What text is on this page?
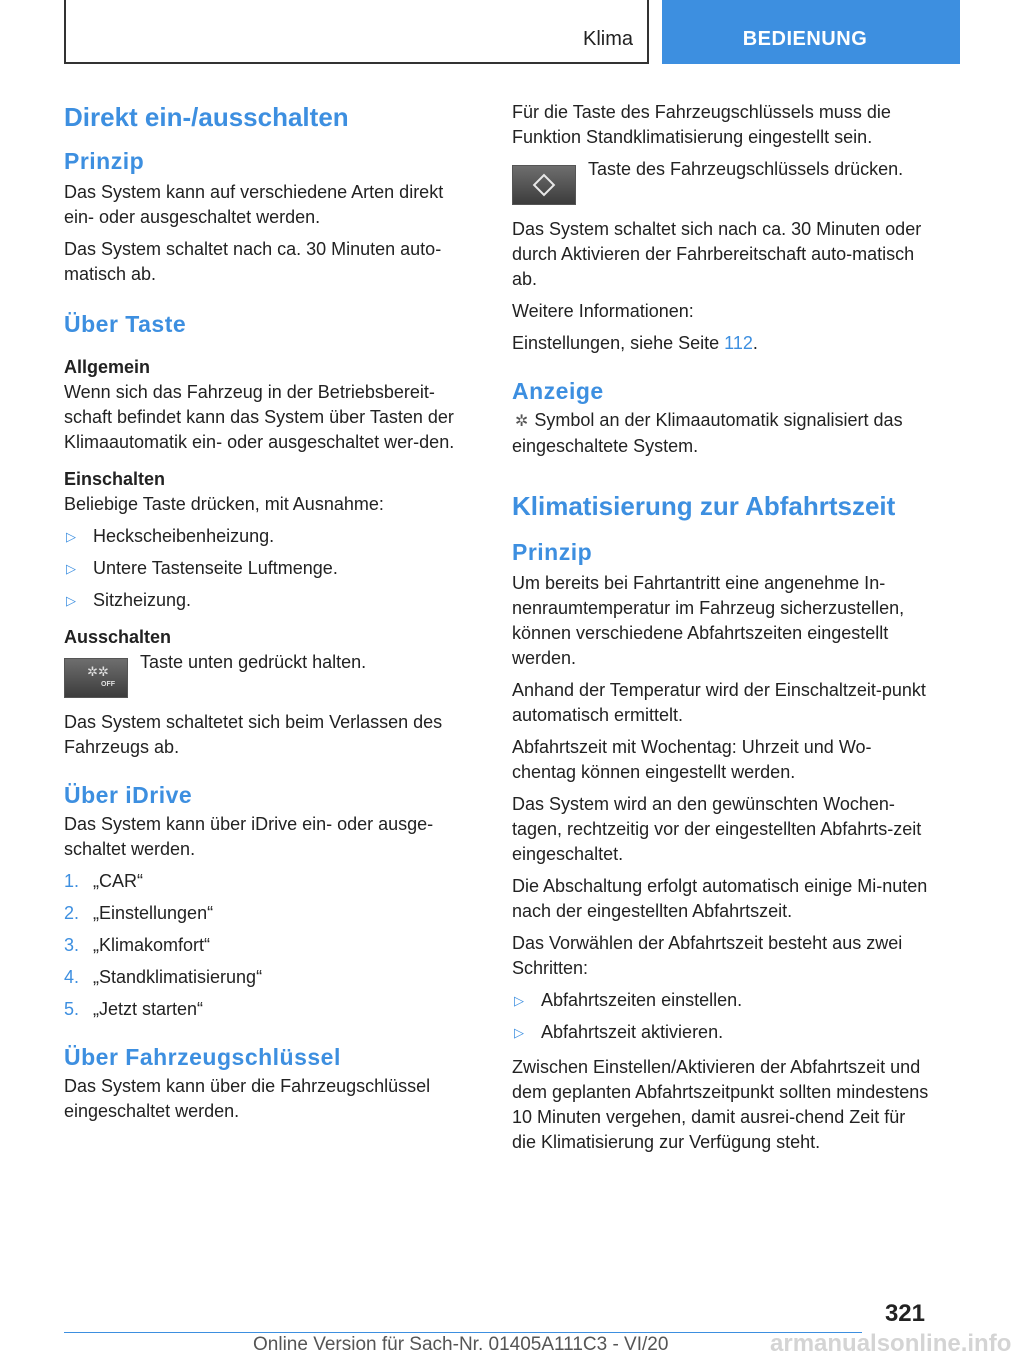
Klima	BEDIENUNG
Direkt ein-/ausschalten
Prinzip

Das System kann auf verschiedene Arten direkt ein- oder ausgeschaltet werden.

Das System schaltet nach ca. 30 Minuten auto-matisch ab.

Über Taste
Allgemein

Wenn sich das Fahrzeug in der Betriebsbereit-schaft befindet kann das System über Tasten der Klimaautomatik ein- oder ausgeschaltet wer-den.

Einschalten

Beliebige Taste drücken, mit Ausnahme:

▷ Heckscheibenheizung.
▷ Untere Tastenseite Luftmenge.
▷ Sitzheizung.
Ausschalten
✲✲
OFF

Taste unten gedrückt halten.

Das System schaltetet sich beim Verlassen des Fahrzeugs ab.

Über iDrive

Das System kann über iDrive ein- oder ausge-schaltet werden.

1. „CAR“
2. „Einstellungen“
3. „Klimakomfort“
4. „Standklimatisierung“
5. „Jetzt starten“
Über Fahrzeugschlüssel

Das System kann über die Fahrzeugschlüssel eingeschaltet werden.

Für die Taste des Fahrzeugschlüssels muss die Funktion Standklimatisierung eingestellt sein.

Taste des Fahrzeugschlüssels drücken.

Das System schaltet sich nach ca. 30 Minuten oder durch Aktivieren der Fahrbereitschaft auto-matisch ab.

Weitere Informationen:

Einstellungen, siehe Seite 112.

Anzeige

✲ Symbol an der Klimaautomatik signalisiert das eingeschaltete System.

Klimatisierung zur Abfahrtszeit
Prinzip

Um bereits bei Fahrtantritt eine angenehme In-nenraumtemperatur im Fahrzeug sicherzustellen, können verschiedene Abfahrtszeiten eingestellt werden.

Anhand der Temperatur wird der Einschaltzeit-punkt automatisch ermittelt.

Abfahrtszeit mit Wochentag: Uhrzeit und Wo-chentag können eingestellt werden.

Das System wird an den gewünschten Wochen-tagen, rechtzeitig vor der eingestellten Abfahrts-zeit eingeschaltet.

Die Abschaltung erfolgt automatisch einige Mi-nuten nach der eingestellten Abfahrtszeit.

Das Vorwählen der Abfahrtszeit besteht aus zwei Schritten:

▷ Abfahrtszeiten einstellen.
▷ Abfahrtszeit aktivieren.

Zwischen Einstellen/Aktivieren der Abfahrtszeit und dem geplanten Abfahrtszeitpunkt sollten mindestens 10 Minuten vergehen, damit ausrei-chend Zeit für die Klimatisierung zur Verfügung steht.

321
Online Version für Sach-Nr. 01405A111C3 - VI/20	armanualsonline.info
